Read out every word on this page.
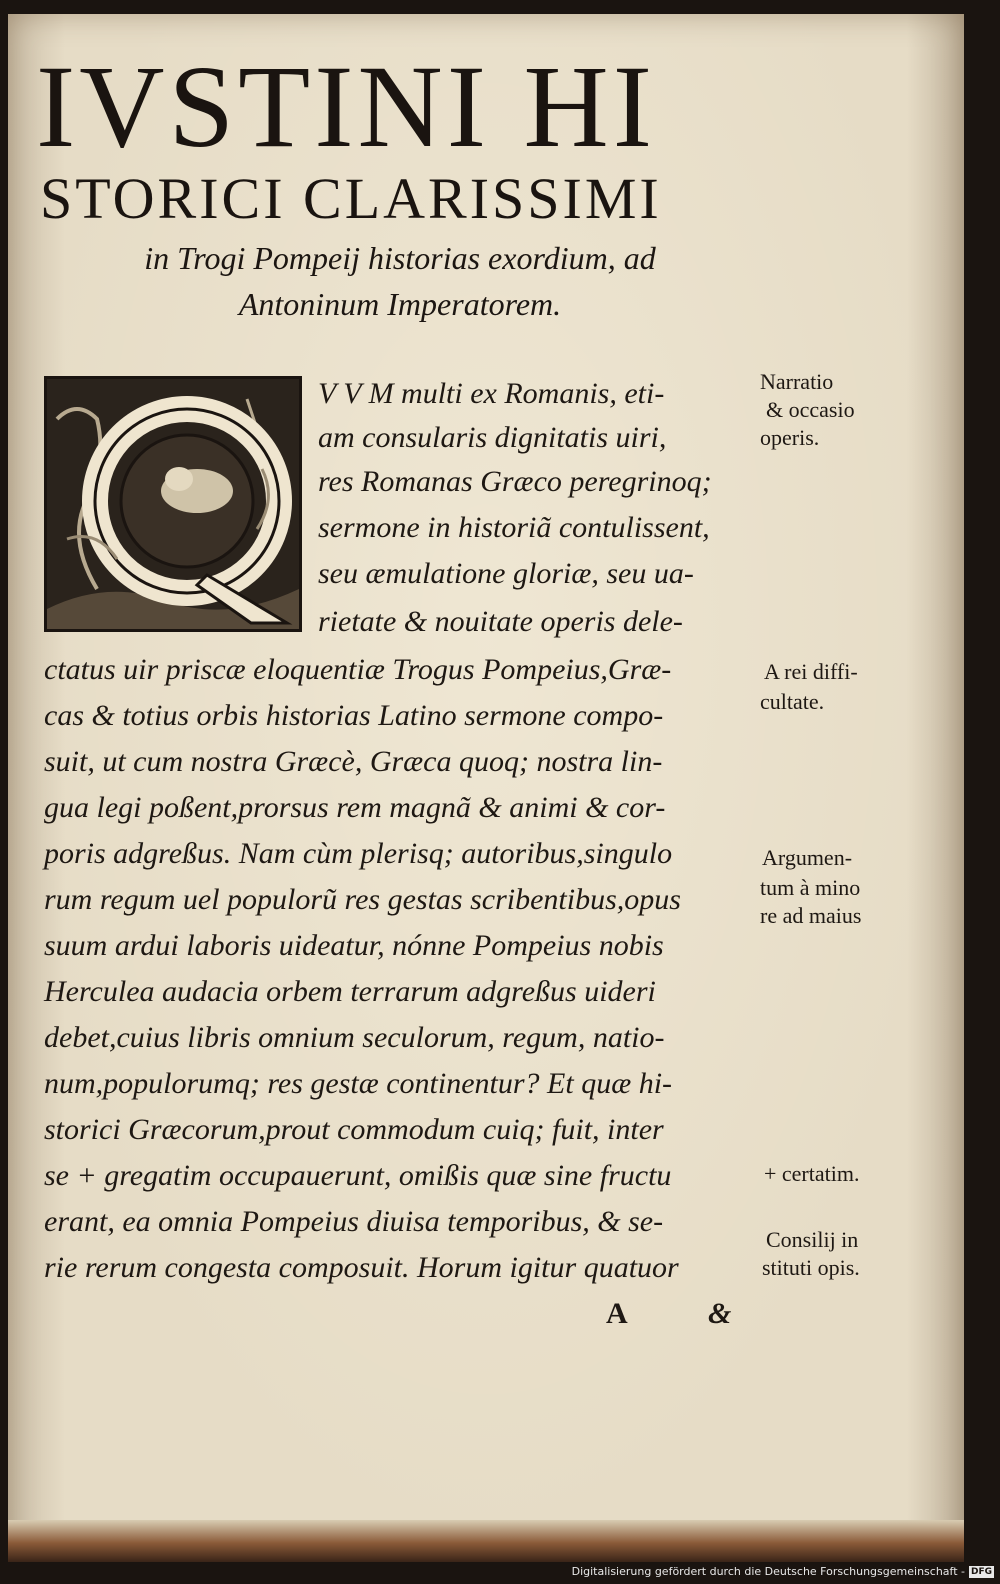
IVSTINI HI
STORICI CLARISSIMI
in Trogi Pompeij historias exordium, ad
Antoninum Imperatorem.
V V M multi ex Romanis, eti-
am consularis dignitatis uiri,
res Romanas Græco peregrinoq;
sermone in historiã contulissent,
seu æmulatione gloriæ, seu ua-
rietate & nouitate operis dele-
ctatus uir priscæ eloquentiæ Trogus Pompeius,Græ-
cas & totius orbis historias Latino sermone compo-
suit, ut cum nostra Græcè, Græca quoq; nostra lin-
gua legi poßent,prorsus rem magnã & animi & cor-
poris adgreßus. Nam cùm plerisq; autoribus,singulo
rum regum uel populorũ res gestas scribentibus,opus
suum ardui laboris uideatur, nónne Pompeius nobis
Herculea audacia orbem terrarum adgreßus uideri
debet,cuius libris omnium seculorum, regum, natio-
num,populorumq; res gestæ continentur? Et quæ hi-
storici Græcorum,prout commodum cuiq; fuit, inter
se + gregatim occupauerunt, omißis quæ sine fructu
erant, ea omnia Pompeius diuisa temporibus, & se-
rie rerum congesta composuit. Horum igitur quatuor
Narratio
& occasio
operis.
A rei diffi-
cultate.
Argumen-
tum à mino
re ad maius
+ certatim.
Consilij in
stituti opis.
A	&
Digitalisierung gefördert durch die Deutsche Forschungsgemeinschaft - DFG
